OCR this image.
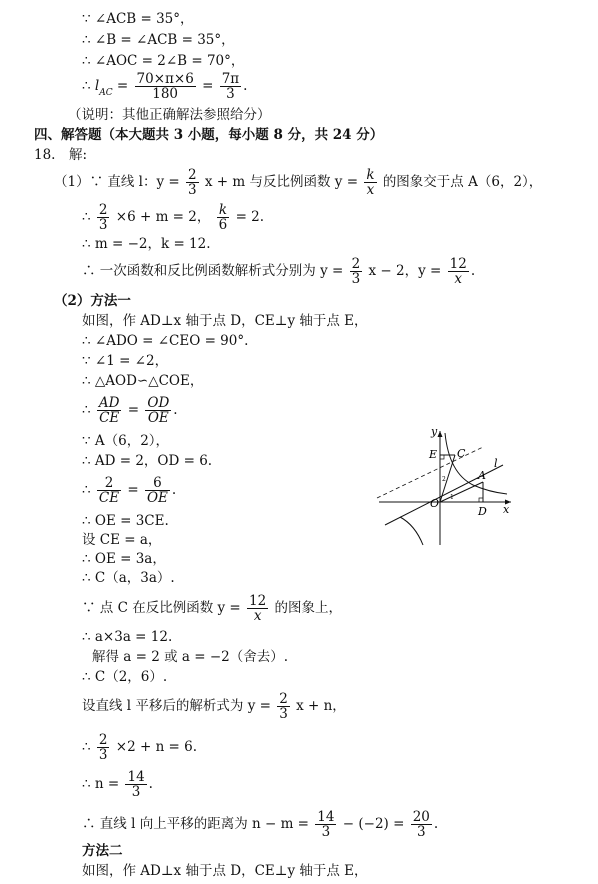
∵ ∠ACB = 35°，
∴ ∠B = ∠ACB = 35°，
∴ ∠AOC = 2∠B = 70°，
∴ $l_{AC} = \frac{70\times\pi\times 6}{180} = \frac{7\pi}{3}$ .
（说明：其他正确解法参照给分）
四、解答题（本大题共 3 小题，每小题 8 分，共 24 分）
18.　解:
（1）∵ 直线 l：$y = \frac{2}{3}$ x + m 与反比例函数 $y = \frac{k}{x}$ 的图象交于点 A（6，2），
∴ $\frac{2}{3} \times 6 + m = 2$， $\frac{k}{6} = 2$.
∴ m = −2，k = 12.
∴ 一次函数和反比例函数解析式分别为 $y = \frac{2}{3}$ x − 2，$y = \frac{12}{x}$ .
（2）方法一
如图，作 AD⊥x 轴于点 D，CE⊥y 轴于点 E，
∴ ∠ADO = ∠CEO = 90°.
∵ ∠1 = ∠2，
∴ △AOD∽△COE，
∴ $\frac{AD}{CE} = \frac{OD}{OE}$ .
∵ A（6，2），
∴ AD = 2，OD = 6.
∴ $\frac{2}{CE} = \frac{6}{OE}$ .
∴ OE = 3CE.
设 CE = a，
∴ OE = 3a，
∴ C（a，3a）.
∵ 点 C 在反比例函数 $y = \frac{12}{x}$ 的图象上，
∴ a×3a = 12.
解得 a = 2 或 a = −2（舍去）.
∴ C（2，6）.
设直线 l 平移后的解析式为 $y = \frac{2}{3}$ x + n，
∴ $\frac{2}{3} \times 2 + n = 6$.
∴ $n = \frac{14}{3}$ .
∴ 直线 l 向上平移的距离为 $n - m = \frac{14}{3} - (-2) = \frac{20}{3}$ .
方法二
如图，作 AD⊥x 轴于点 D，CE⊥y 轴于点 E，
y
x
E C
A
l
O
D
1
2
